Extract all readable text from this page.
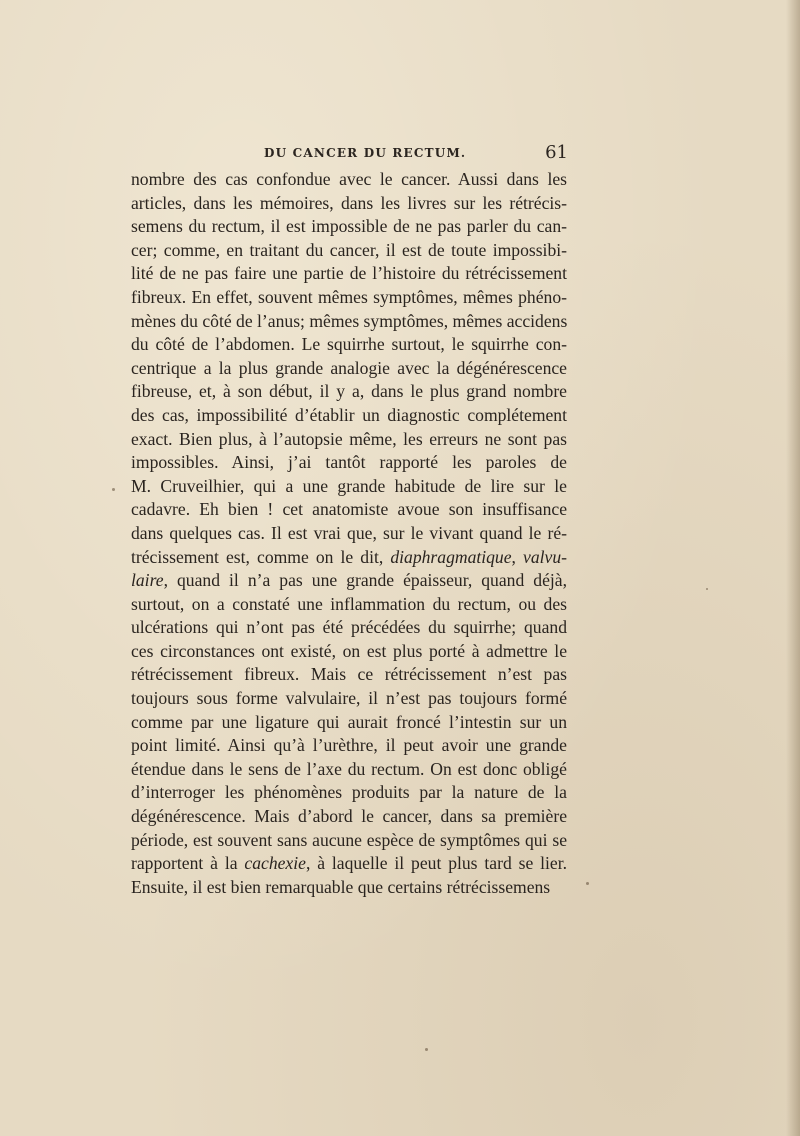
DU CANCER DU RECTUM.	61
nombre des cas confondue avec le cancer. Aussi dans les
articles, dans les mémoires, dans les livres sur les rétrécis-
semens du rectum, il est impossible de ne pas parler du can-
cer; comme, en traitant du cancer, il est de toute impossibi-
lité de ne pas faire une partie de l’histoire du rétrécissement
fibreux. En effet, souvent mêmes symptômes, mêmes phéno-
mènes du côté de l’anus; mêmes symptômes, mêmes accidens
du côté de l’abdomen. Le squirrhe surtout, le squirrhe con-
centrique a la plus grande analogie avec la dégénérescence
fibreuse, et, à son début, il y a, dans le plus grand nombre
des cas, impossibilité d’établir un diagnostic complétement
exact. Bien plus, à l’autopsie même, les erreurs ne sont pas
impossibles. Ainsi, j’ai tantôt rapporté les paroles de
M. Cruveilhier, qui a une grande habitude de lire sur le
cadavre. Eh bien ! cet anatomiste avoue son insuffisance
dans quelques cas. Il est vrai que, sur le vivant quand le ré-
trécissement est, comme on le dit, diaphragmatique, valvu-
laire, quand il n’a pas une grande épaisseur, quand déjà,
surtout, on a constaté une inflammation du rectum, ou des
ulcérations qui n’ont pas été précédées du squirrhe; quand
ces circonstances ont existé, on est plus porté à admettre le
rétrécissement fibreux. Mais ce rétrécissement n’est pas
toujours sous forme valvulaire, il n’est pas toujours formé
comme par une ligature qui aurait froncé l’intestin sur un
point limité. Ainsi qu’à l’urèthre, il peut avoir une grande
étendue dans le sens de l’axe du rectum. On est donc obligé
d’interroger les phénomènes produits par la nature de la
dégénérescence. Mais d’abord le cancer, dans sa première
période, est souvent sans aucune espèce de symptômes qui se
rapportent à la cachexie, à laquelle il peut plus tard se lier.
Ensuite, il est bien remarquable que certains rétrécissemens
